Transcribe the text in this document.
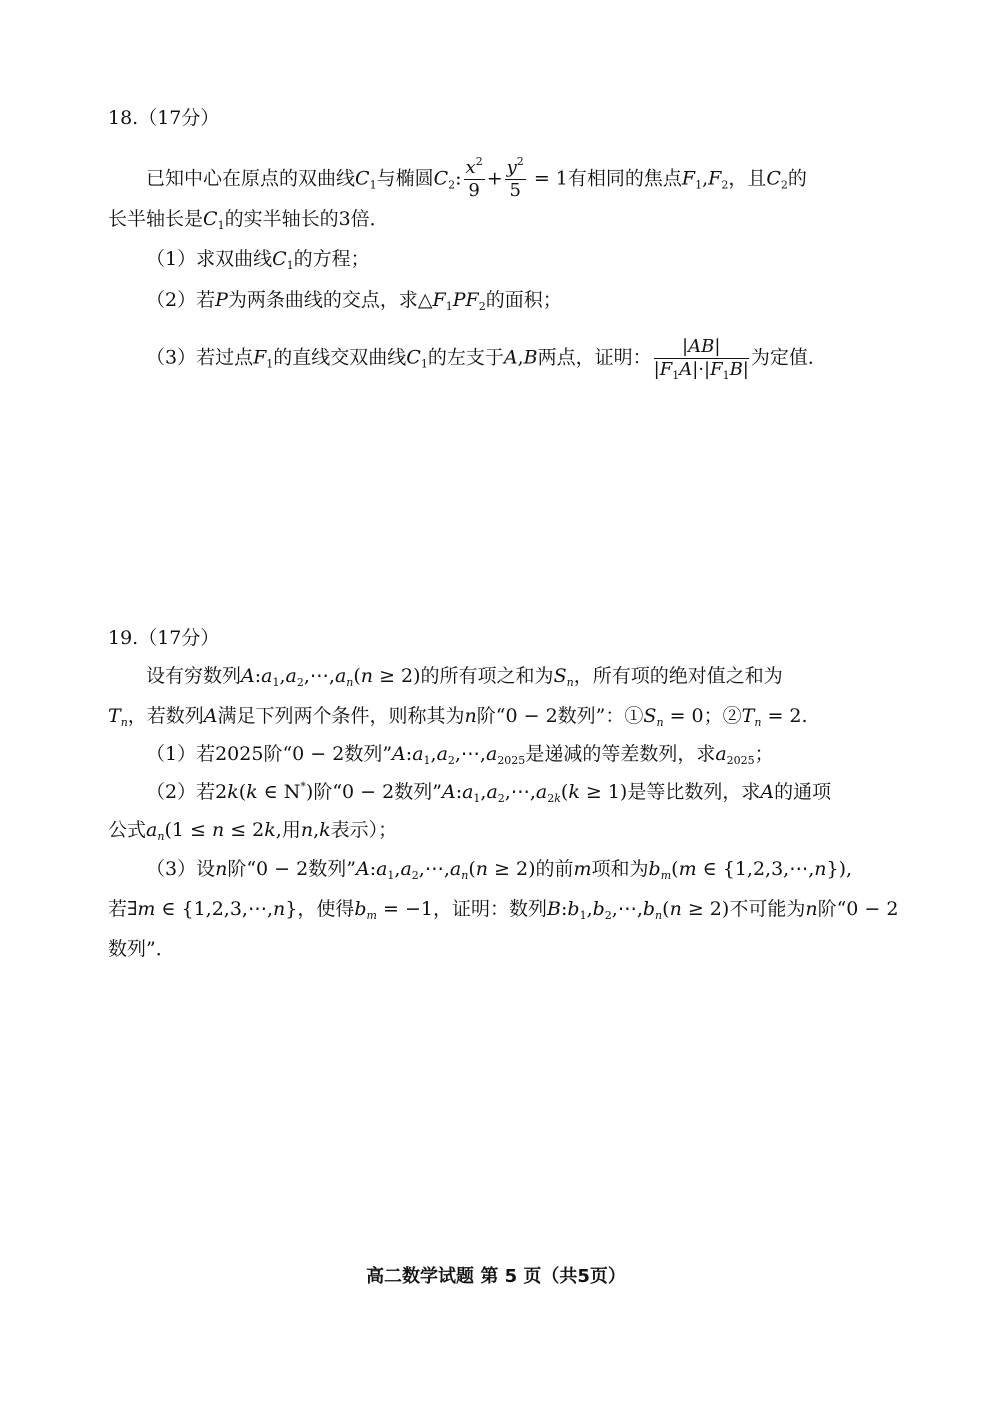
18.（17分）
已知中心在原点的双曲线$C_1$与椭圆$C_2$: $\frac{x^2}{9} + \frac{y^2}{5} = 1$有相同的焦点$F_1,F_2$，且$C_2$的
长半轴长是$C_1$的实半轴长的3倍．
（1）求双曲线$C_1$的方程；
（2）若P为两条曲线的交点，求$\triangle F_1PF_2$的面积；
（3）若过点$F_1$的直线交双曲线$C_1$的左支于A,B两点，证明： $\frac{|AB|}{|F_1A|\cdot|F_1B|}$ 为定值．
19.（17分）
设有穷数列$A:a_1,a_2,\cdots,a_n(n \ge 2)$的所有项之和为$S_n$，所有项的绝对值之和为
$T_n$，若数列A满足下列两个条件，则称其为n阶“0 − 2数列”：$①S_n = 0$；$②T_n = 2$.
（1）若2025阶“0 − 2数列$”A:a_1,a_2,\cdots,a_{2025}$是递减的等差数列，求$a_{2025}$；
（2）若2k(k ∈ N*)阶“0 − 2数列$”A:a_1,a_2,\cdots,a_{2k}(k \ge 1)$是等比数列，求A的通项
公式$a_n(1 \le n \le 2k$,用n,k表示）；
（3）设n阶“0 − 2数列$”A:a_1,a_2,\cdots,a_n(n \ge 2)$的前m项和为$b_m(m$ ∈ {1,2,3,⋯,n}),
若∃m ∈ {1,2,3,⋯,n}，使得$b_m = -1$，证明：数列$B:b_1,b_2,\cdots,b_n(n \ge 2)$不可能为n阶“0 − 2
数列”．
高二数学试题 第 5 页（共5页）
